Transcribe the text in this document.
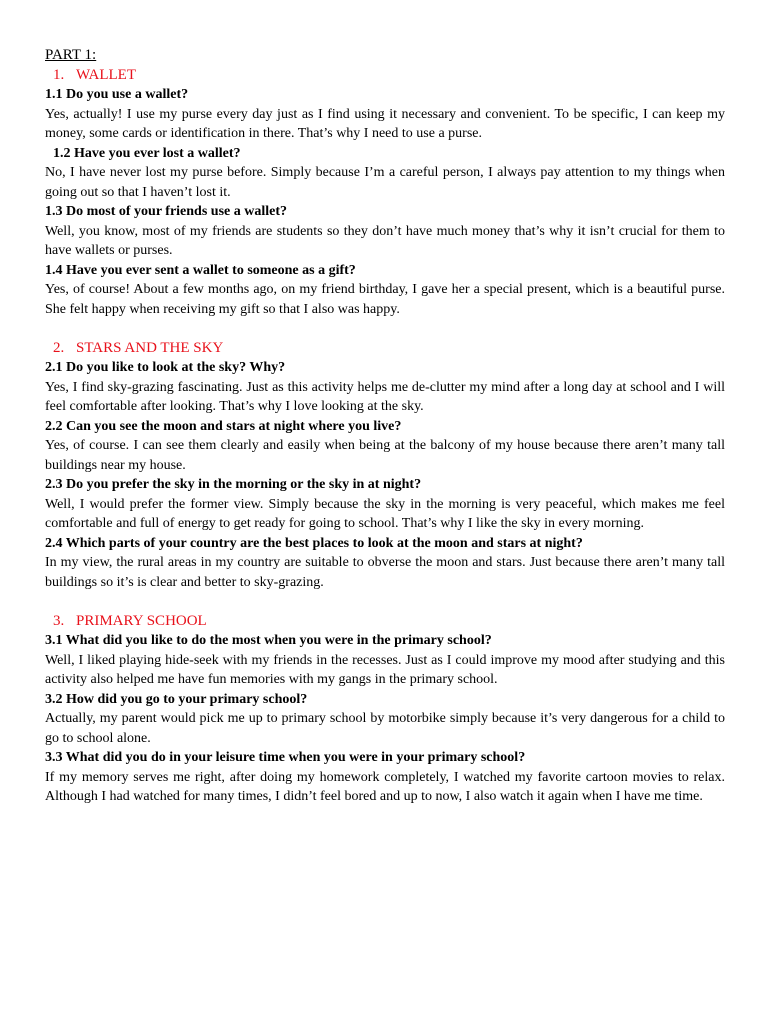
PART 1:
1. WALLET

1.1 Do you use a wallet?

Yes, actually! I use my purse every day just as I find using it necessary and convenient. To be specific, I can keep my money, some cards or identification in there. That’s why I need to use a purse.

1.2 Have you ever lost a wallet?

No, I have never lost my purse before. Simply because I’m a careful person, I always pay attention to my things when going out so that I haven’t lost it.

1.3 Do most of your friends use a wallet?

Well, you know, most of my friends are students so they don’t have much money that’s why it isn’t crucial for them to have wallets or purses.

1.4 Have you ever sent a wallet to someone as a gift?

Yes, of course! About a few months ago, on my friend birthday, I gave her a special present, which is a beautiful purse. She felt happy when receiving my gift so that I also was happy.

2. STARS AND THE SKY

2.1 Do you like to look at the sky? Why?

Yes, I find sky-grazing fascinating. Just as this activity helps me de-clutter my mind after a long day at school and I will feel comfortable after looking. That’s why I love looking at the sky.

2.2 Can you see the moon and stars at night where you live?

Yes, of course. I can see them clearly and easily when being at the balcony of my house because there aren’t many tall buildings near my house.

2.3 Do you prefer the sky in the morning or the sky in at night?

Well, I would prefer the former view. Simply because the sky in the morning is very peaceful, which makes me feel comfortable and full of energy to get ready for going to school. That’s why I like the sky in every morning.

2.4 Which parts of your country are the best places to look at the moon and stars at night?

In my view, the rural areas in my country are suitable to obverse the moon and stars. Just because there aren’t many tall buildings so it’s is clear and better to sky-grazing.

3. PRIMARY SCHOOL

3.1 What did you like to do the most when you were in the primary school?

Well, I liked playing hide-seek with my friends in the recesses. Just as I could improve my mood after studying and this activity also helped me have fun memories with my gangs in the primary school.

3.2 How did you go to your primary school?

Actually, my parent would pick me up to primary school by motorbike simply because it’s very dangerous for a child to go to school alone.

3.3 What did you do in your leisure time when you were in your primary school?

If my memory serves me right, after doing my homework completely, I watched my favorite cartoon movies to relax. Although I had watched for many times, I didn’t feel bored and up to now, I also watch it again when I have me time.
